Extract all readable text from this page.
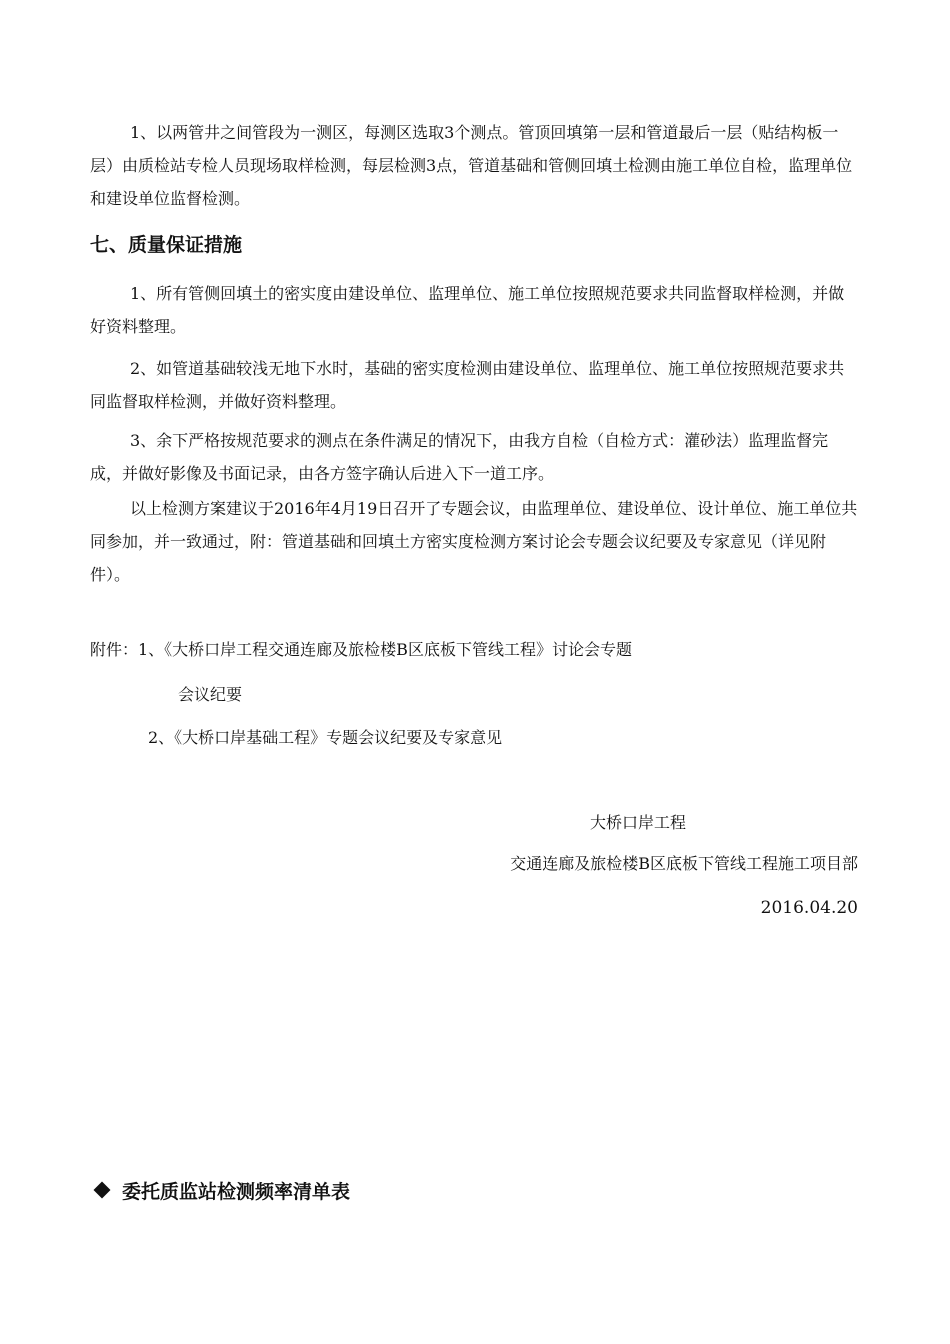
1、以两管井之间管段为一测区，每测区选取3个测点。管顶回填第一层和管道最后一层（贴结构板一层）由质检站专检人员现场取样检测，每层检测3点，管道基础和管侧回填土检测由施工单位自检，监理单位和建设单位监督检测。

七、质量保证措施

1、所有管侧回填土的密实度由建设单位、监理单位、施工单位按照规范要求共同监督取样检测，并做好资料整理。

2、如管道基础较浅无地下水时，基础的密实度检测由建设单位、监理单位、施工单位按照规范要求共同监督取样检测，并做好资料整理。

3、余下严格按规范要求的测点在条件满足的情况下，由我方自检（自检方式：灌砂法）监理监督完成，并做好影像及书面记录，由各方签字确认后进入下一道工序。

以上检测方案建议于2016年4月19日召开了专题会议，由监理单位、建设单位、设计单位、施工单位共同参加，并一致通过，附：管道基础和回填土方密实度检测方案讨论会专题会议纪要及专家意见（详见附件）。

附件：1、《大桥口岸工程交通连廊及旅检楼B区底板下管线工程》讨论会专题

会议纪要

2、《大桥口岸基础工程》专题会议纪要及专家意见

大桥口岸工程

交通连廊及旅检楼B区底板下管线工程施工项目部

2016.04.20

委托质监站检测频率清单表
